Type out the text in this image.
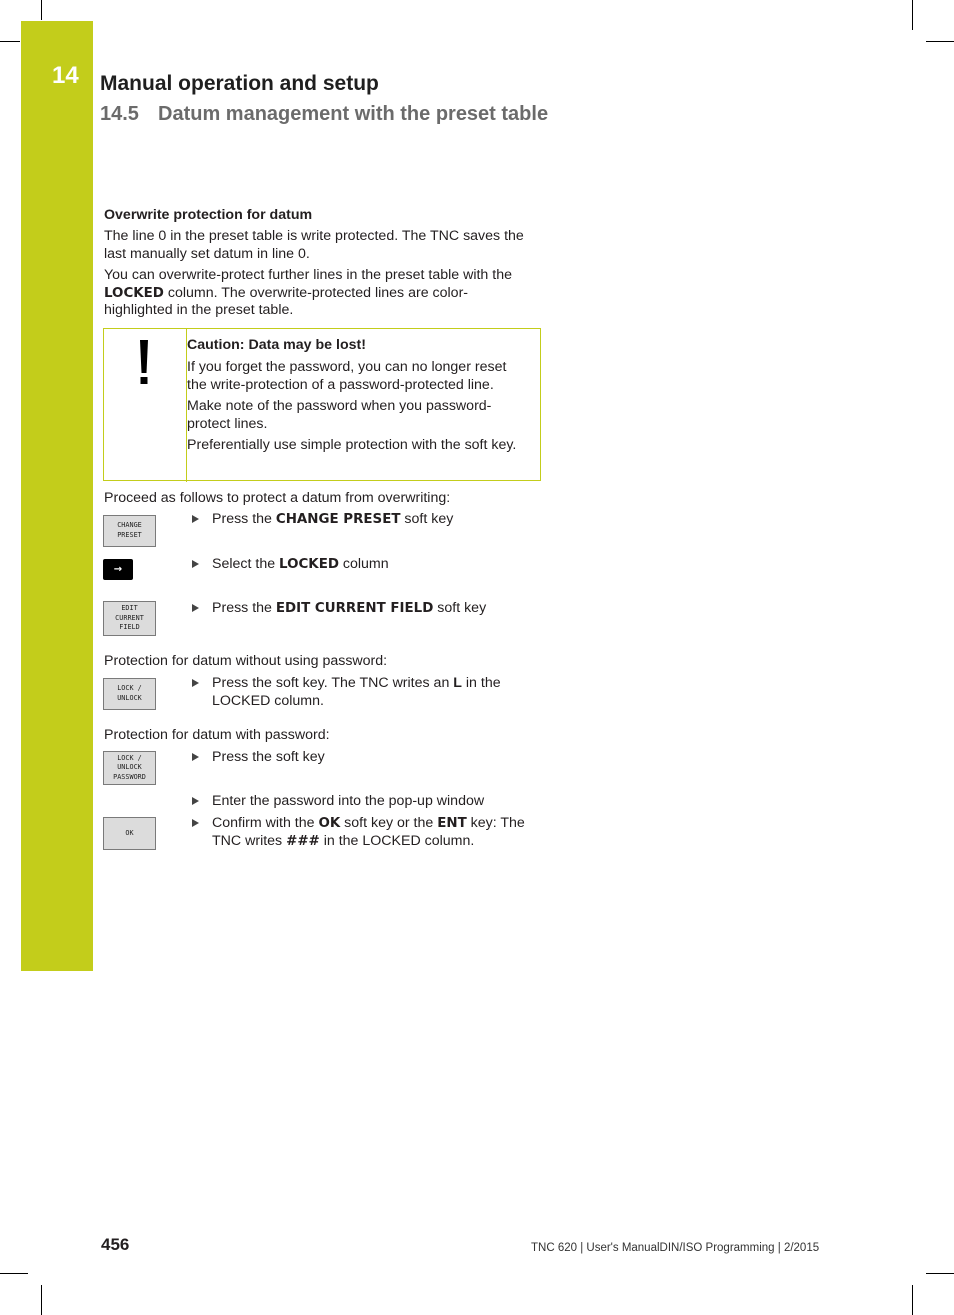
14 Manual operation and setup
14.5 Datum management with the preset table
Overwrite protection for datum
The line 0 in the preset table is write protected. The TNC saves the last manually set datum in line 0.
You can overwrite-protect further lines in the preset table with the LOCKED column. The overwrite-protected lines are color-highlighted in the preset table.
Caution: Data may be lost!
If you forget the password, you can no longer reset the write-protection of a password-protected line.
Make note of the password when you password-protect lines.
Preferentially use simple protection with the soft key.
Proceed as follows to protect a datum from overwriting:
CHANGE
PRESET
Press the CHANGE PRESET soft key
→	Select the LOCKED column
EDIT
CURRENT
FIELD
Press the EDIT CURRENT FIELD soft key
Protection for datum without using password:
LOCK /
UNLOCK
Press the soft key. The TNC writes an L in the LOCKED column.
Protection for datum with password:
LOCK /
UNLOCK
PASSWORD
Press the soft key
Enter the password into the pop-up window
OK
Confirm with the OK soft key or the ENT key: The TNC writes ### in the LOCKED column.
456	TNC 620 | User's ManualDIN/ISO Programming | 2/2015
